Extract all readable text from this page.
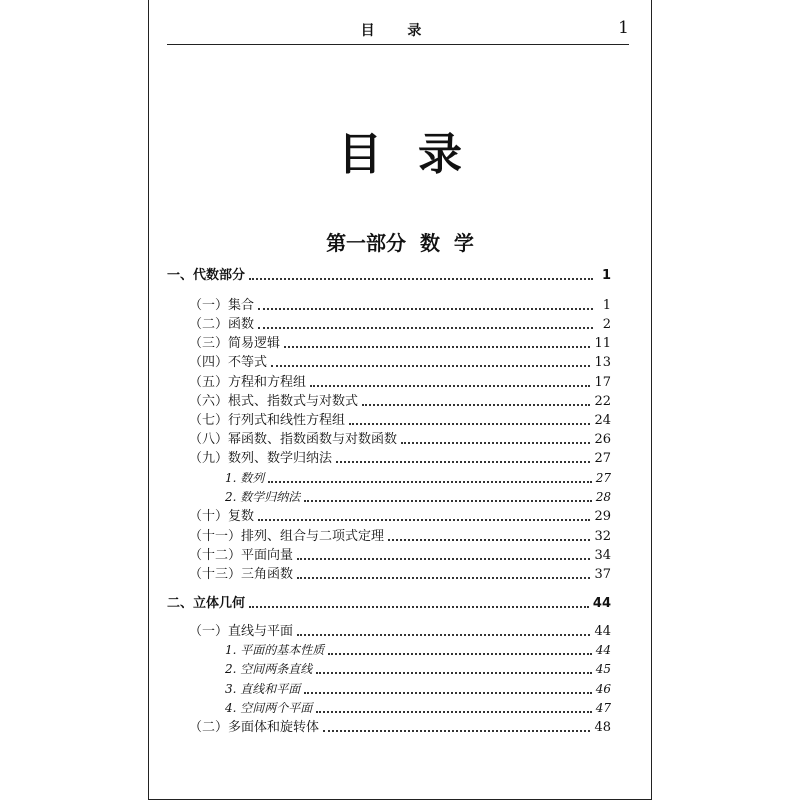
目 录	1
目录
第一部分  数  学
一、代数部分	1
（一）集合	1
（二）函数	2
（三）简易逻辑	11
（四）不等式	13
（五）方程和方程组	17
（六）根式、指数式与对数式	22
（七）行列式和线性方程组	24
（八）幂函数、指数函数与对数函数	26
（九）数列、数学归纳法	27
1. 数列	27
2. 数学归纳法	28
（十）复数	29
（十一）排列、组合与二项式定理	32
（十二）平面向量	34
（十三）三角函数	37
二、立体几何	44
（一）直线与平面	44
1. 平面的基本性质	44
2. 空间两条直线	45
3. 直线和平面	46
4. 空间两个平面	47
（二）多面体和旋转体	48
